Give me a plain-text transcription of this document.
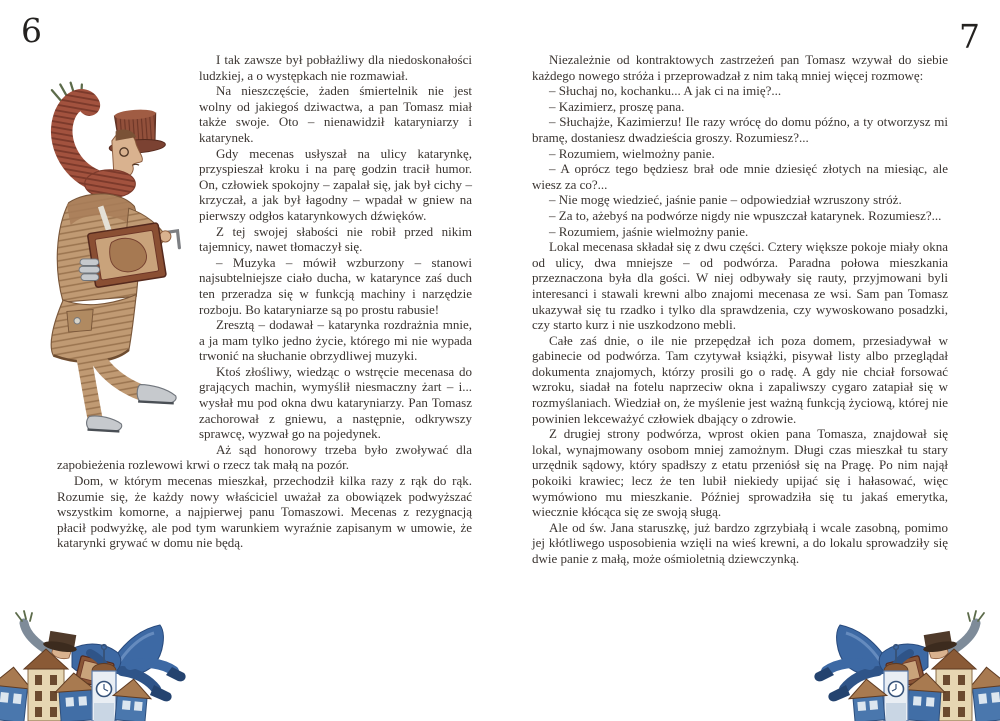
6

I tak zawsze był pobłażliwy dla niedoskonałości ludzkiej, a o występkach nie rozmawiał.

Na nieszczęście, żaden śmiertelnik nie jest wolny od jakiegoś dziwactwa, a pan Tomasz miał także swoje. Oto – nienawidził kataryniarzy i katarynek.

Gdy mecenas usłyszał na ulicy katarynkę, przyspieszał kroku i na parę godzin tracił humor. On, człowiek spokojny – zapalał się, jak był cichy – krzyczał, a jak był łagodny – wpadał w gniew na pierwszy odgłos katarynkowych dźwięków.

Z tej swojej słabości nie robił przed nikim tajemnicy, nawet tłomaczył się.

– Muzyka – mówił wzburzony – stanowi najsubtelniejsze ciało ducha, w katarynce zaś duch ten przeradza się w funkcją machiny i narzędzie rozboju. Bo kataryniarze są po prostu rabusie!

Zresztą – dodawał – katarynka rozdrażnia mnie, a ja mam tylko jedno życie, którego mi nie wypada trwonić na słuchanie obrzydliwej muzyki.

Ktoś złośliwy, wiedząc o wstręcie mecenasa do grających machin, wymyślił niesmaczny żart – i... wysłał mu pod okna dwu kataryniarzy. Pan Tomasz zachorował z gniewu, a następnie, odkrywszy sprawcę, wyzwał go na pojedynek.

Aż sąd honorowy trzeba było zwoływać dla zapobieżenia rozlewowi krwi o rzecz tak małą na pozór.

Dom, w którym mecenas mieszkał, przechodził kilka razy z rąk do rąk. Rozumie się, że każdy nowy właściciel uważał za obowiązek podwyższać wszystkim komorne, a najpierwej panu Tomaszowi. Mecenas z rezygnacją płacił podwyżkę, ale pod tym warunkiem wyraźnie zapisanym w umowie, że katarynki grywać w domu nie będą.

7

Niezależnie od kontraktowych zastrzeżeń pan Tomasz wzywał do siebie każdego nowego stróża i przeprowadzał z nim taką mniej więcej rozmowę:

– Słuchaj no, kochanku... A jak ci na imię?...

– Kazimierz, proszę pana.

– Słuchajże, Kazimierzu! Ile razy wrócę do domu późno, a ty otworzysz mi bramę, dostaniesz dwadzieścia groszy. Rozumiesz?...

– Rozumiem, wielmożny panie.

– A oprócz tego będziesz brał ode mnie dziesięć złotych na miesiąc, ale wiesz za co?...

– Nie mogę wiedzieć, jaśnie panie – odpowiedział wzruszony stróż.

– Za to, ażebyś na podwórze nigdy nie wpuszczał katarynek. Rozumiesz?...

– Rozumiem, jaśnie wielmożny panie.

Lokal mecenasa składał się z dwu części. Cztery większe pokoje miały okna od ulicy, dwa mniejsze – od podwórza. Paradna połowa mieszkania przeznaczona była dla gości. W niej odbywały się rauty, przyjmowani byli interesanci i stawali krewni albo znajomi mecenasa ze wsi. Sam pan Tomasz ukazywał się tu rzadko i tylko dla sprawdzenia, czy wywoskowano posadzki, czy starto kurz i nie uszkodzono mebli.

Całe zaś dnie, o ile nie przepędzał ich poza domem, przesiadywał w gabinecie od podwórza. Tam czytywał książki, pisywał listy albo przeglądał dokumenta znajomych, którzy prosili go o radę. A gdy nie chciał forsować wzroku, siadał na fotelu naprzeciw okna i zapaliwszy cygaro zatapiał się w rozmyślaniach. Wiedział on, że myślenie jest ważną funkcją życiową, której nie powinien lekceważyć człowiek dbający o zdrowie.

Z drugiej strony podwórza, wprost okien pana Tomasza, znajdował się lokal, wynajmowany osobom mniej zamożnym. Długi czas mieszkał tu stary urzędnik sądowy, który spadłszy z etatu przeniósł się na Pragę. Po nim najął pokoiki krawiec; lecz że ten lubił niekiedy upijać się i hałasować, więc wymówiono mu mieszkanie. Później sprowadziła się tu jakaś emerytka, wiecznie kłócąca się ze swoją sługą.

Ale od św. Jana staruszkę, już bardzo zgrzybiałą i wcale zasobną, pomimo jej kłótliwego usposobienia wzięli na wieś krewni, a do lokalu sprowadziły się dwie panie z małą, może ośmioletnią dziewczynką.
